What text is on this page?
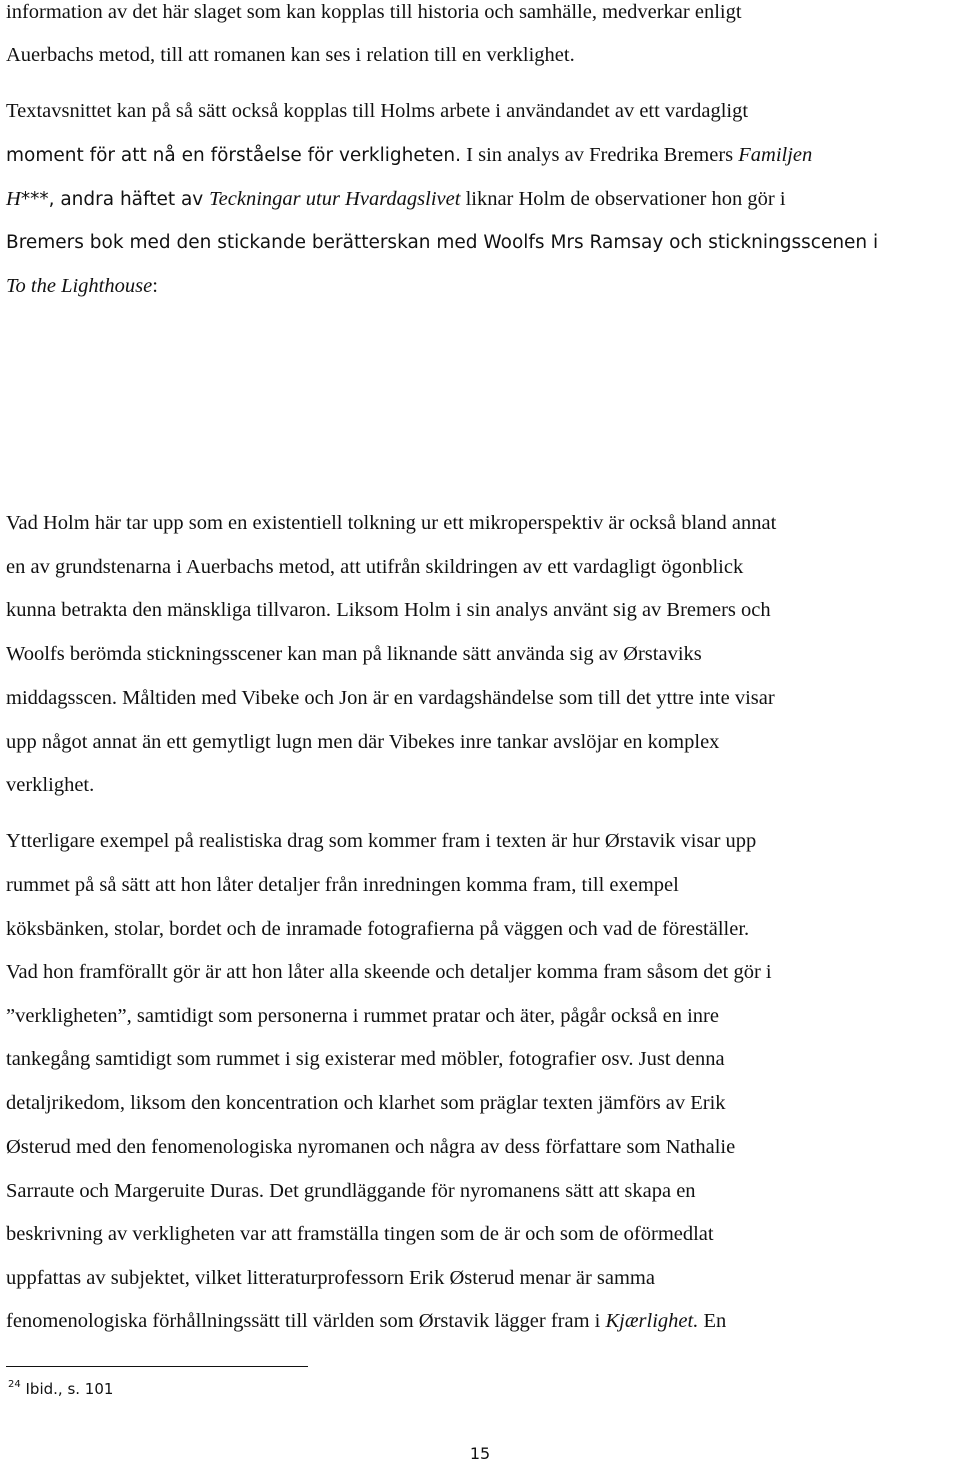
information av det här slaget som kan kopplas till historia och samhälle, medverkar enligt
Auerbachs metod, till att romanen kan ses i relation till en verklighet.
Textavsnittet kan på så sätt också kopplas till Holms arbete i användandet av ett vardagligt
moment för att nå en förståelse för verkligheten. I sin analys av Fredrika Bremers Familjen
H***, andra häftet av Teckningar utur Hvardagslivet liknar Holm de observationer hon gör i
Bremers bok med den stickande berätterskan med Woolfs Mrs Ramsay och stickningsscenen i
To the Lighthouse:
Vad Holm här tar upp som en existentiell tolkning ur ett mikroperspektiv är också bland annat
en av grundstenarna i Auerbachs metod, att utifrån skildringen av ett vardagligt ögonblick
kunna betrakta den mänskliga tillvaron. Liksom Holm i sin analys använt sig av Bremers och
Woolfs berömda stickningsscener kan man på liknande sätt använda sig av Ørstaviks
middagsscen. Måltiden med Vibeke och Jon är en vardagshändelse som till det yttre inte visar
upp något annat än ett gemytligt lugn men där Vibekes inre tankar avslöjar en komplex
verklighet.
Ytterligare exempel på realistiska drag som kommer fram i texten är hur Ørstavik visar upp
rummet på så sätt att hon låter detaljer från inredningen komma fram, till exempel
köksbänken, stolar, bordet och de inramade fotografierna på väggen och vad de föreställer.
Vad hon framförallt gör är att hon låter alla skeende och detaljer komma fram såsom det gör i
”verkligheten”, samtidigt som personerna i rummet pratar och äter, pågår också en inre
tankegång samtidigt som rummet i sig existerar med möbler, fotografier osv. Just denna
detaljrikedom, liksom den koncentration och klarhet som präglar texten jämförs av Erik
Østerud med den fenomenologiska nyromanen och några av dess författare som Nathalie
Sarraute och Margeruite Duras. Det grundläggande för nyromanens sätt att skapa en
beskrivning av verkligheten var att framställa tingen som de är och som de oförmedlat
uppfattas av subjektet, vilket litteraturprofessorn Erik Østerud menar är samma
fenomenologiska förhållningssätt till världen som Ørstavik lägger fram i Kjærlighet. En
$^{24}$ Ibid., s. 101
15
